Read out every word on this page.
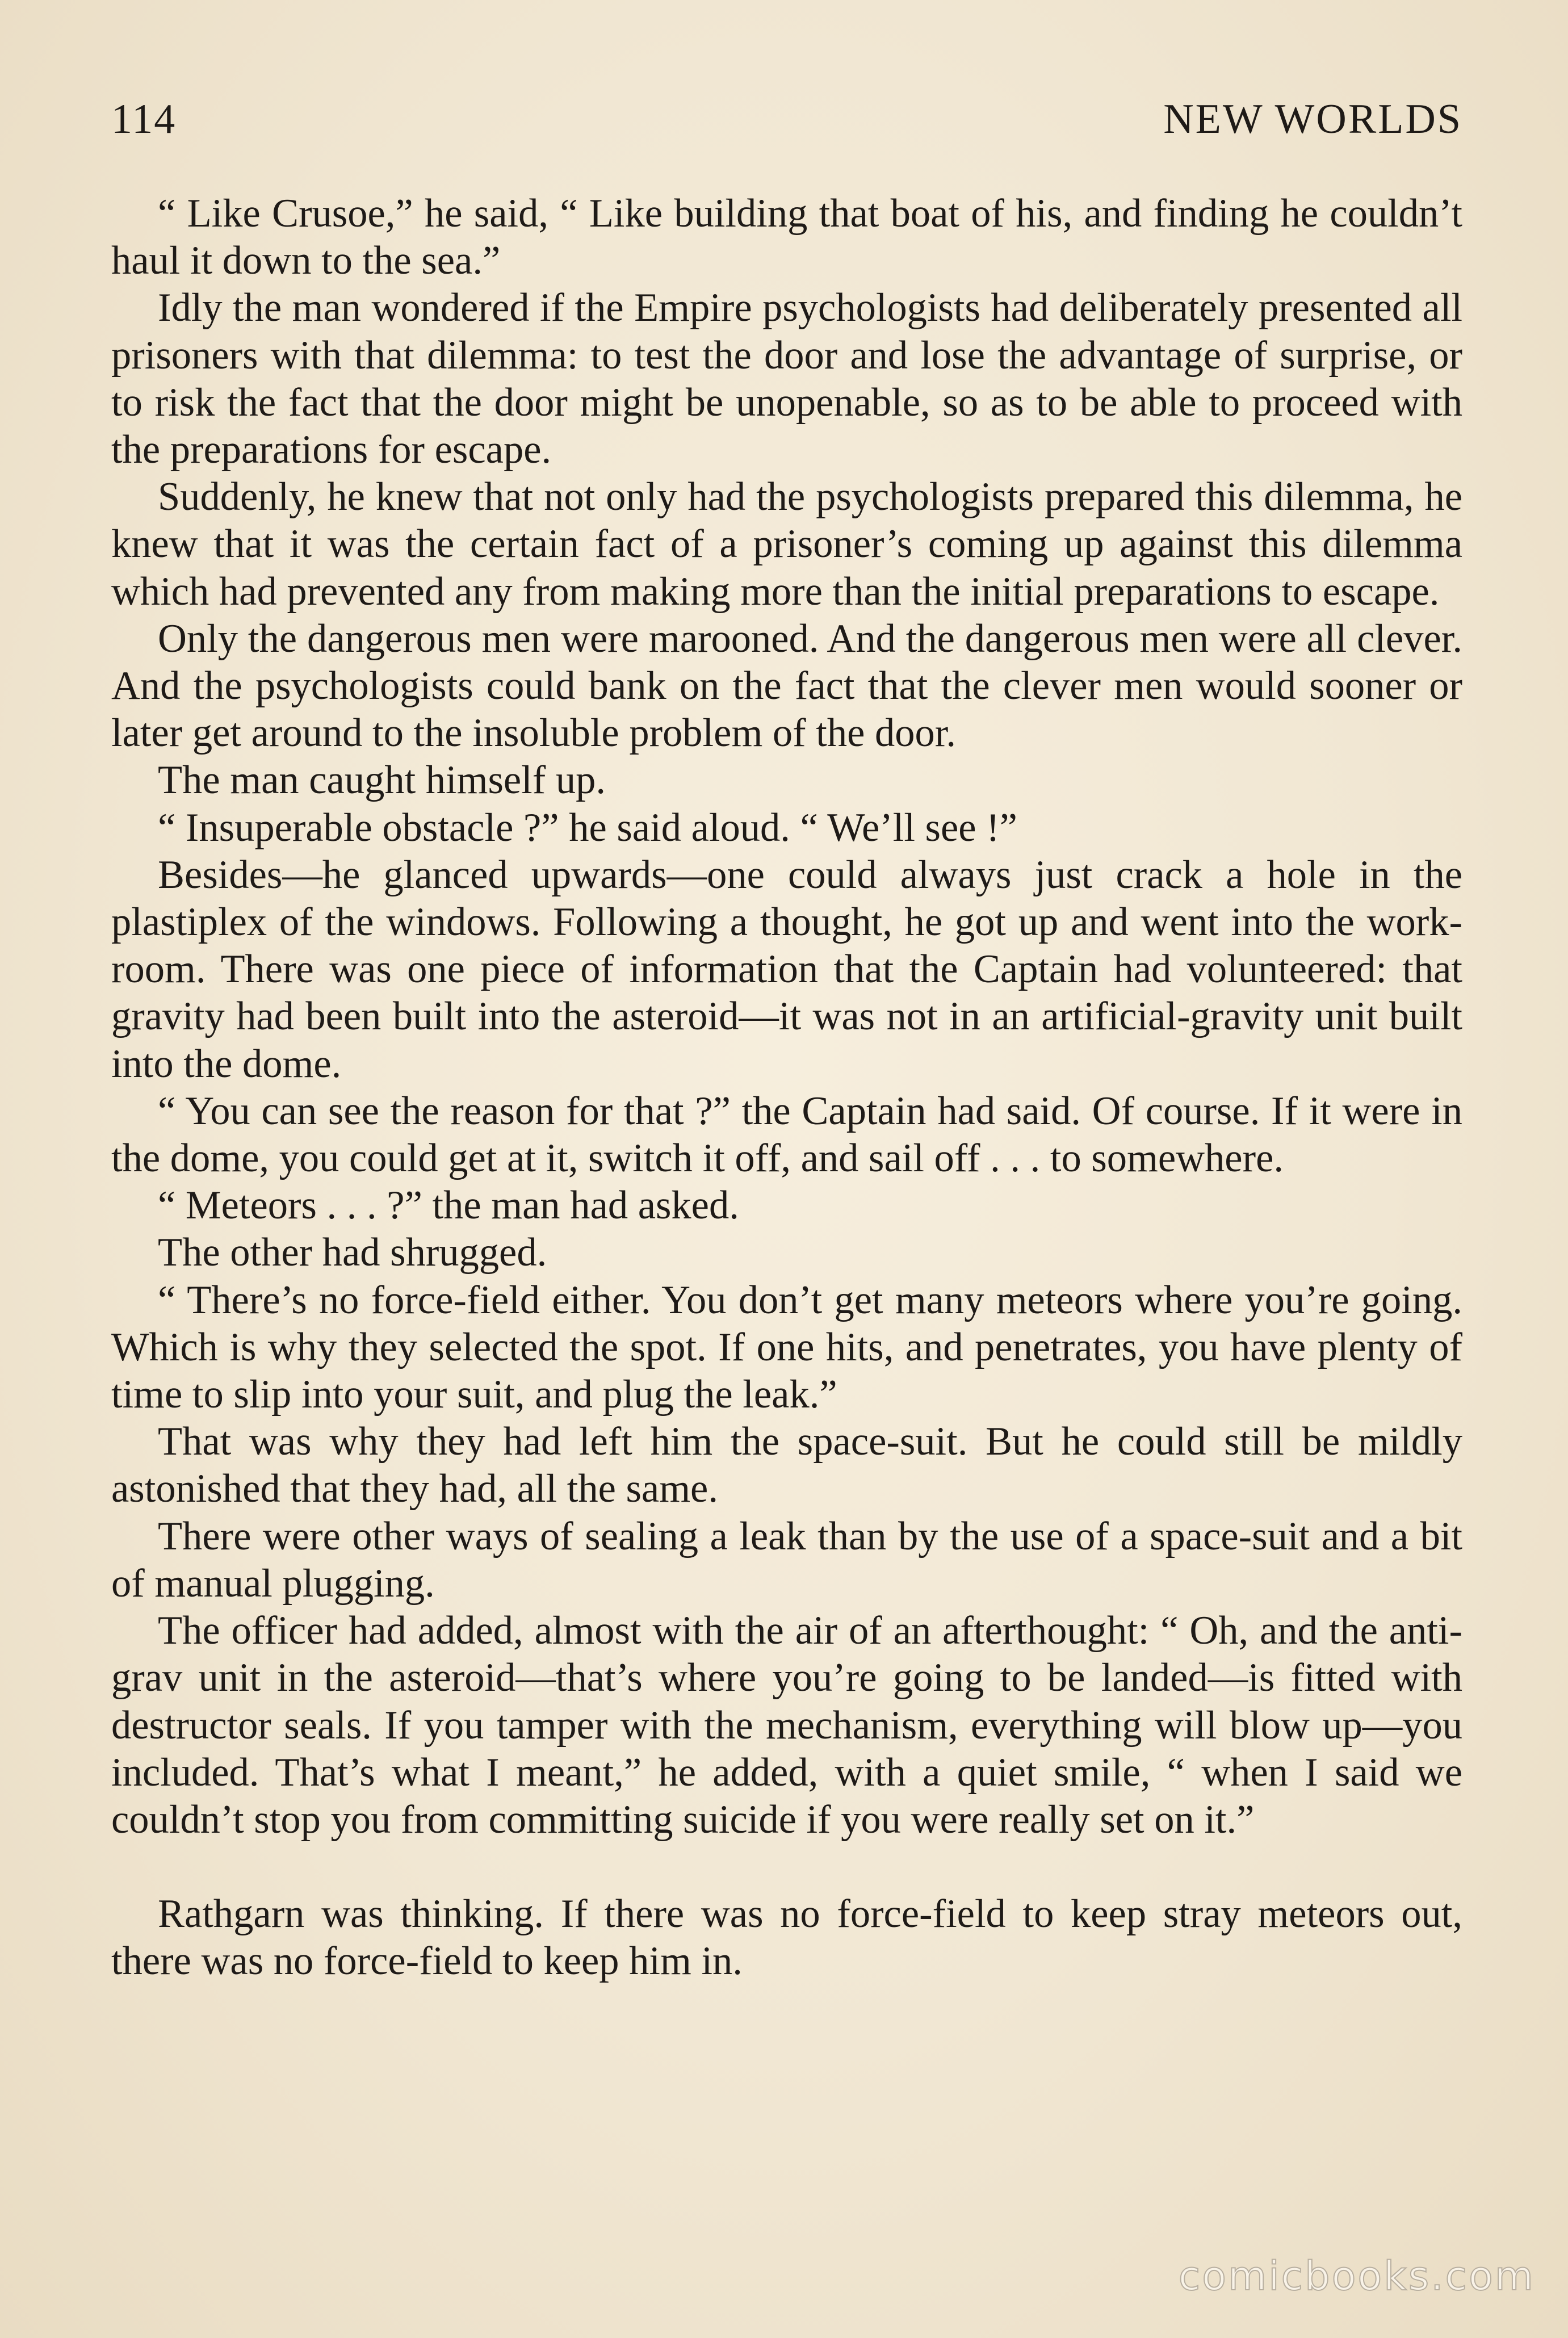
114	NEW WORLDS

“ Like Crusoe,” he said, “ Like building that boat of his, and finding he couldn’t haul it down to the sea.”

Idly the man wondered if the Empire psychologists had deliberately presented all prisoners with that dilemma: to test the door and lose the advantage of surprise, or to risk the fact that the door might be unopenable, so as to be able to proceed with the preparations for escape.

Suddenly, he knew that not only had the psychologists prepared this dilemma, he knew that it was the certain fact of a prisoner’s coming up against this dilemma which had prevented any from making more than the initial preparations to escape.

Only the dangerous men were marooned. And the dangerous men were all clever. And the psychologists could bank on the fact that the clever men would sooner or later get around to the insoluble problem of the door.

The man caught himself up.

“ Insuperable obstacle ?” he said aloud. “ We’ll see !”

Besides—he glanced upwards—one could always just crack a hole in the plastiplex of the windows. Following a thought, he got up and went into the work-room. There was one piece of information that the Captain had volunteered: that gravity had been built into the asteroid—it was not in an artificial-gravity unit built into the dome.

“ You can see the reason for that ?” the Captain had said. Of course. If it were in the dome, you could get at it, switch it off, and sail off . . . to somewhere.

“ Meteors . . . ?” the man had asked.

The other had shrugged.

“ There’s no force-field either. You don’t get many meteors where you’re going. Which is why they selected the spot. If one hits, and penetrates, you have plenty of time to slip into your suit, and plug the leak.”

That was why they had left him the space-suit. But he could still be mildly astonished that they had, all the same.

There were other ways of sealing a leak than by the use of a space-suit and a bit of manual plugging.

The officer had added, almost with the air of an afterthought: “ Oh, and the anti-grav unit in the asteroid—that’s where you’re going to be landed—is fitted with destructor seals. If you tamper with the mechanism, everything will blow up—you included. That’s what I meant,” he added, with a quiet smile, “ when I said we couldn’t stop you from committing suicide if you were really set on it.”

Rathgarn was thinking. If there was no force-field to keep stray meteors out, there was no force-field to keep him in.

comicbooks.com
